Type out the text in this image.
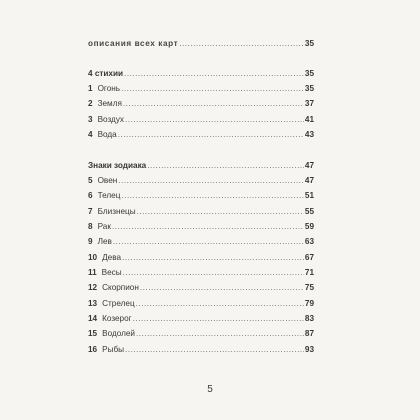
описания всех карт .....	35
4 стихии .....	35
1 Огонь .....	35
2 Земля .....	37
3 Воздух .....	41
4 Вода .....	43
Знаки зодиака .....	47
5 Овен .....	47
6 Телец .....	51
7 Близнецы .....	55
8 Рак .....	59
9 Лев .....	63
10 Дева .....	67
11 Весы .....	71
12 Скорпион .....	75
13 Стрелец .....	79
14 Козерог .....	83
15 Водолей .....	87
16 Рыбы .....	93
5
